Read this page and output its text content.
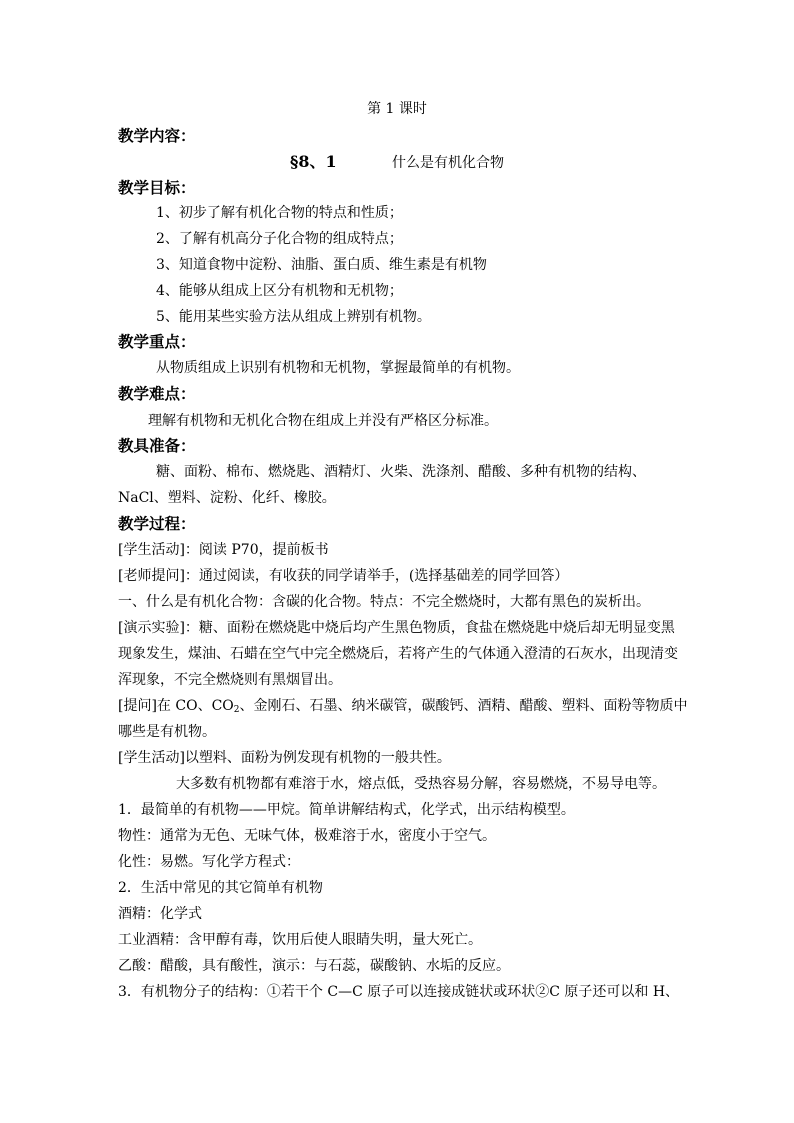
第 1 课时
教学内容：
§8、1	什么是有机化合物
教学目标：
1、初步了解有机化合物的特点和性质；
2、了解有机高分子化合物的组成特点；
3、知道食物中淀粉、油脂、蛋白质、维生素是有机物
4、能够从组成上区分有机物和无机物；
5、能用某些实验方法从组成上辨别有机物。
教学重点：
从物质组成上识别有机物和无机物，掌握最简单的有机物。
教学难点：
理解有机物和无机化合物在组成上并没有严格区分标准。
教具准备：
糖、面粉、棉布、燃烧匙、酒精灯、火柴、洗涤剂、醋酸、多种有机物的结构、
NaCl、塑料、淀粉、化纤、橡胶。
教学过程：
[学生活动]：阅读 P70，提前板书
[老师提问]：通过阅读，有收获的同学请举手，(选择基础差的同学回答）
一、什么是有机化合物：含碳的化合物。特点：不完全燃烧时，大都有黑色的炭析出。
[演示实验]：糖、面粉在燃烧匙中烧后均产生黑色物质，食盐在燃烧匙中烧后却无明显变黑
现象发生，煤油、石蜡在空气中完全燃烧后，若将产生的气体通入澄清的石灰水，出现清变
浑现象，不完全燃烧则有黑烟冒出。
[提问]在 CO、$CO_2$、金刚石、石墨、纳米碳管，碳酸钙、酒精、醋酸、塑料、面粉等物质中
哪些是有机物。
[学生活动]以塑料、面粉为例发现有机物的一般共性。
大多数有机物都有难溶于水，熔点低，受热容易分解，容易燃烧，不易导电等。
1．最简单的有机物——甲烷。简单讲解结构式，化学式，出示结构模型。
物性：通常为无色、无味气体，极难溶于水，密度小于空气。
化性：易燃。写化学方程式：
2．生活中常见的其它简单有机物
酒精：化学式
工业酒精：含甲醇有毒，饮用后使人眼睛失明，量大死亡。
乙酸：醋酸，具有酸性，演示：与石蕊，碳酸钠、水垢的反应。
3．有机物分子的结构：①若干个 C—C 原子可以连接成链状或环状②C 原子还可以和 H、
